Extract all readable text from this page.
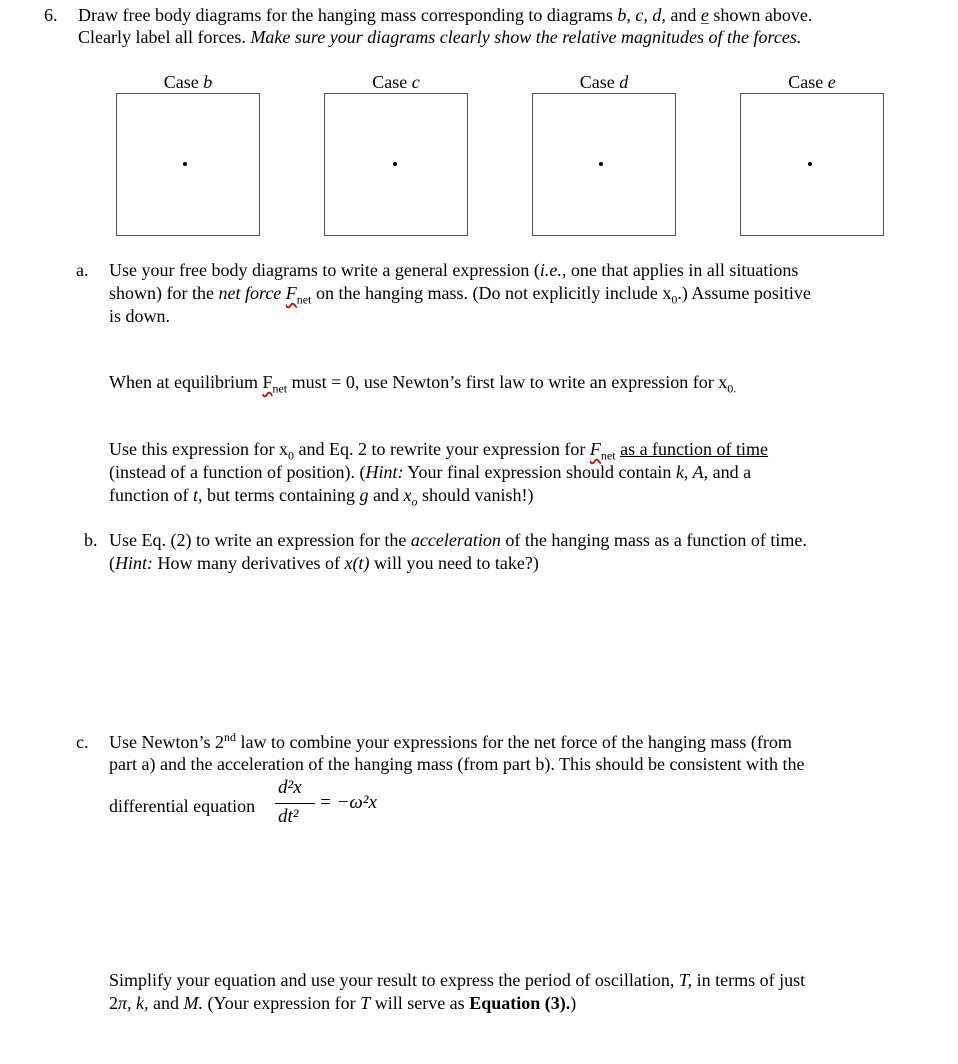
6. Draw free body diagrams for the hanging mass corresponding to diagrams b, c, d, and e shown above.
Clearly label all forces. Make sure your diagrams clearly show the relative magnitudes of the forces.
Case b	Case c	Case d	Case e
a. Use your free body diagrams to write a general expression (i.e., one that applies in all situations
shown) for the net force $F_{net}$ on the hanging mass. (Do not explicitly include $x_0$.) Assume positive
is down.
When at equilibrium $F_{net}$ must = 0, use Newton’s first law to write an expression for $x_{0.}$
Use this expression for $x_0$ and Eq. 2 to rewrite your expression for $F_{net}$ as a function of time
(instead of a function of position). (Hint: Your final expression should contain k, A, and a
function of t, but terms containing g and $x_o$ should vanish!)
b. Use Eq. (2) to write an expression for the acceleration of the hanging mass as a function of time.
(Hint: How many derivatives of x(t) will you need to take?)
c. Use Newton’s 2nd law to combine your expressions for the net force of the hanging mass (from
part a) and the acceleration of the hanging mass (from part b). This should be consistent with the
differential equation
d²x
dt²
= −ω²x
Simplify your equation and use your result to express the period of oscillation, T, in terms of just
2π, k, and M. (Your expression for T will serve as Equation (3).)
